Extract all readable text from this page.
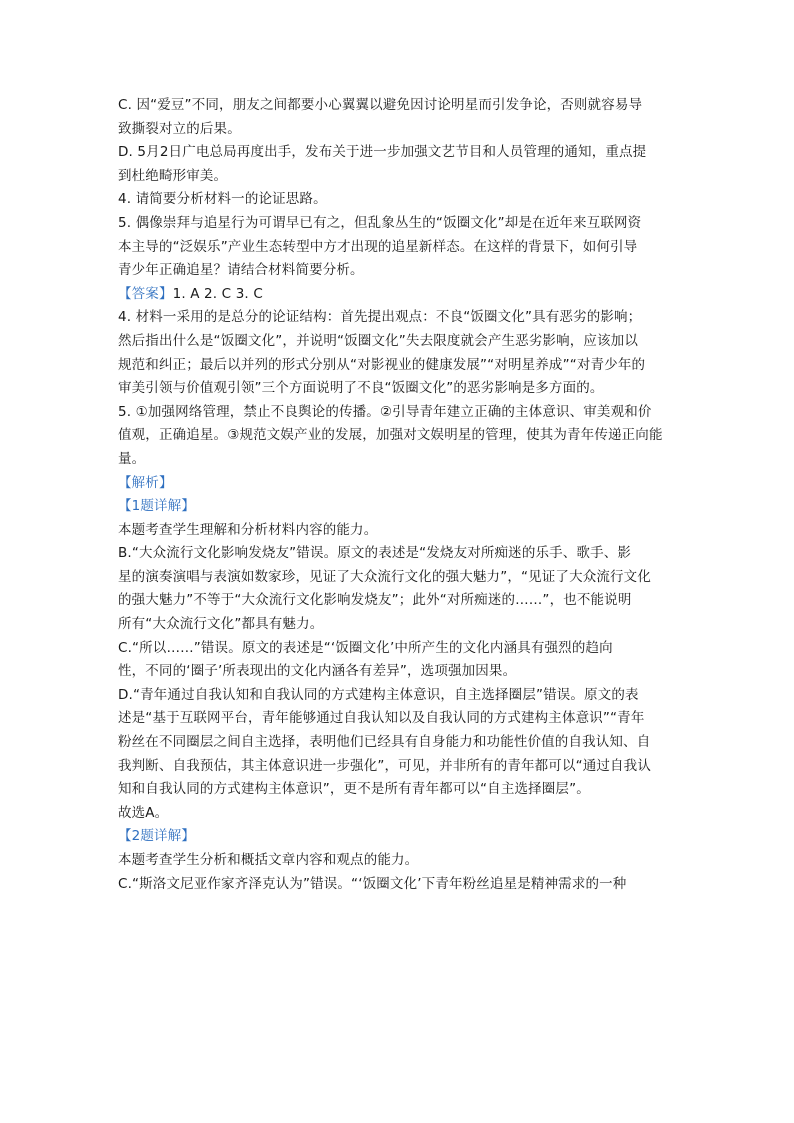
C. 因“爱豆”不同，朋友之间都要小心翼翼以避免因讨论明星而引发争论，否则就容易导
致撕裂对立的后果。
D. 5月2日广电总局再度出手，发布关于进一步加强文艺节目和人员管理的通知，重点提
到杜绝畸形审美。
4. 请简要分析材料一的论证思路。
5. 偶像崇拜与追星行为可谓早已有之，但乱象丛生的“饭圈文化”却是在近年来互联网资
本主导的“泛娱乐”产业生态转型中方才出现的追星新样态。在这样的背景下，如何引导
青少年正确追星？请结合材料简要分析。
【答案】1. A 2. C 3. C
4. 材料一采用的是总分的论证结构：首先提出观点：不良“饭圈文化”具有恶劣的影响；
然后指出什么是“饭圈文化”，并说明“饭圈文化”失去限度就会产生恶劣影响，应该加以
规范和纠正；最后以并列的形式分别从“对影视业的健康发展”“对明星养成”“对青少年的
审美引领与价值观引领”三个方面说明了不良“饭圈文化”的恶劣影响是多方面的。
5. ①加强网络管理，禁止不良舆论的传播。②引导青年建立正确的主体意识、审美观和价
值观，正确追星。③规范文娱产业的发展，加强对文娱明星的管理，使其为青年传递正向能
量。
【解析】
【1题详解】
本题考查学生理解和分析材料内容的能力。
B.“大众流行文化影响发烧友”错误。原文的表述是“发烧友对所痴迷的乐手、歌手、影
星的演奏演唱与表演如数家珍，见证了大众流行文化的强大魅力”，“见证了大众流行文化
的强大魅力”不等于“大众流行文化影响发烧友”；此外“对所痴迷的……”，也不能说明
所有“大众流行文化”都具有魅力。
C.“所以……”错误。原文的表述是“‘饭圈文化’中所产生的文化内涵具有强烈的趋向
性，不同的‘圈子’所表现出的文化内涵各有差异”，选项强加因果。
D.“青年通过自我认知和自我认同的方式建构主体意识，自主选择圈层”错误。原文的表
述是“基于互联网平台，青年能够通过自我认知以及自我认同的方式建构主体意识”“青年
粉丝在不同圈层之间自主选择，表明他们已经具有自身能力和功能性价值的自我认知、自
我判断、自我预估，其主体意识进一步强化”，可见，并非所有的青年都可以“通过自我认
知和自我认同的方式建构主体意识”，更不是所有青年都可以“自主选择圈层”。
故选A。
【2题详解】
本题考查学生分析和概括文章内容和观点的能力。
C.“斯洛文尼亚作家齐泽克认为”错误。“‘饭圈文化’下青年粉丝追星是精神需求的一种
